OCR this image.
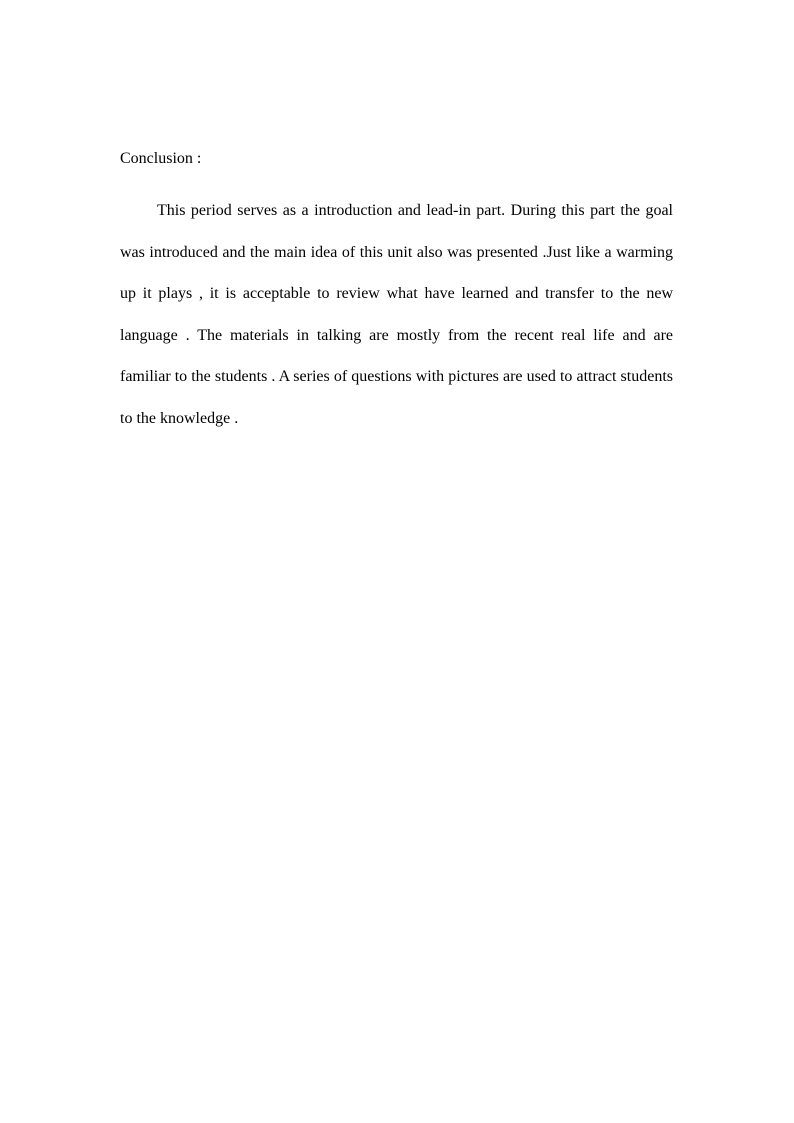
Conclusion :

This period serves as a introduction and lead-in part. During this part the goal was introduced and the main idea of this unit also was presented .Just like a warming up it plays , it is acceptable to review what have learned and transfer to the new language . The materials in talking are mostly from the recent real life and are familiar to the students . A series of questions with pictures are used to attract students to the knowledge .
